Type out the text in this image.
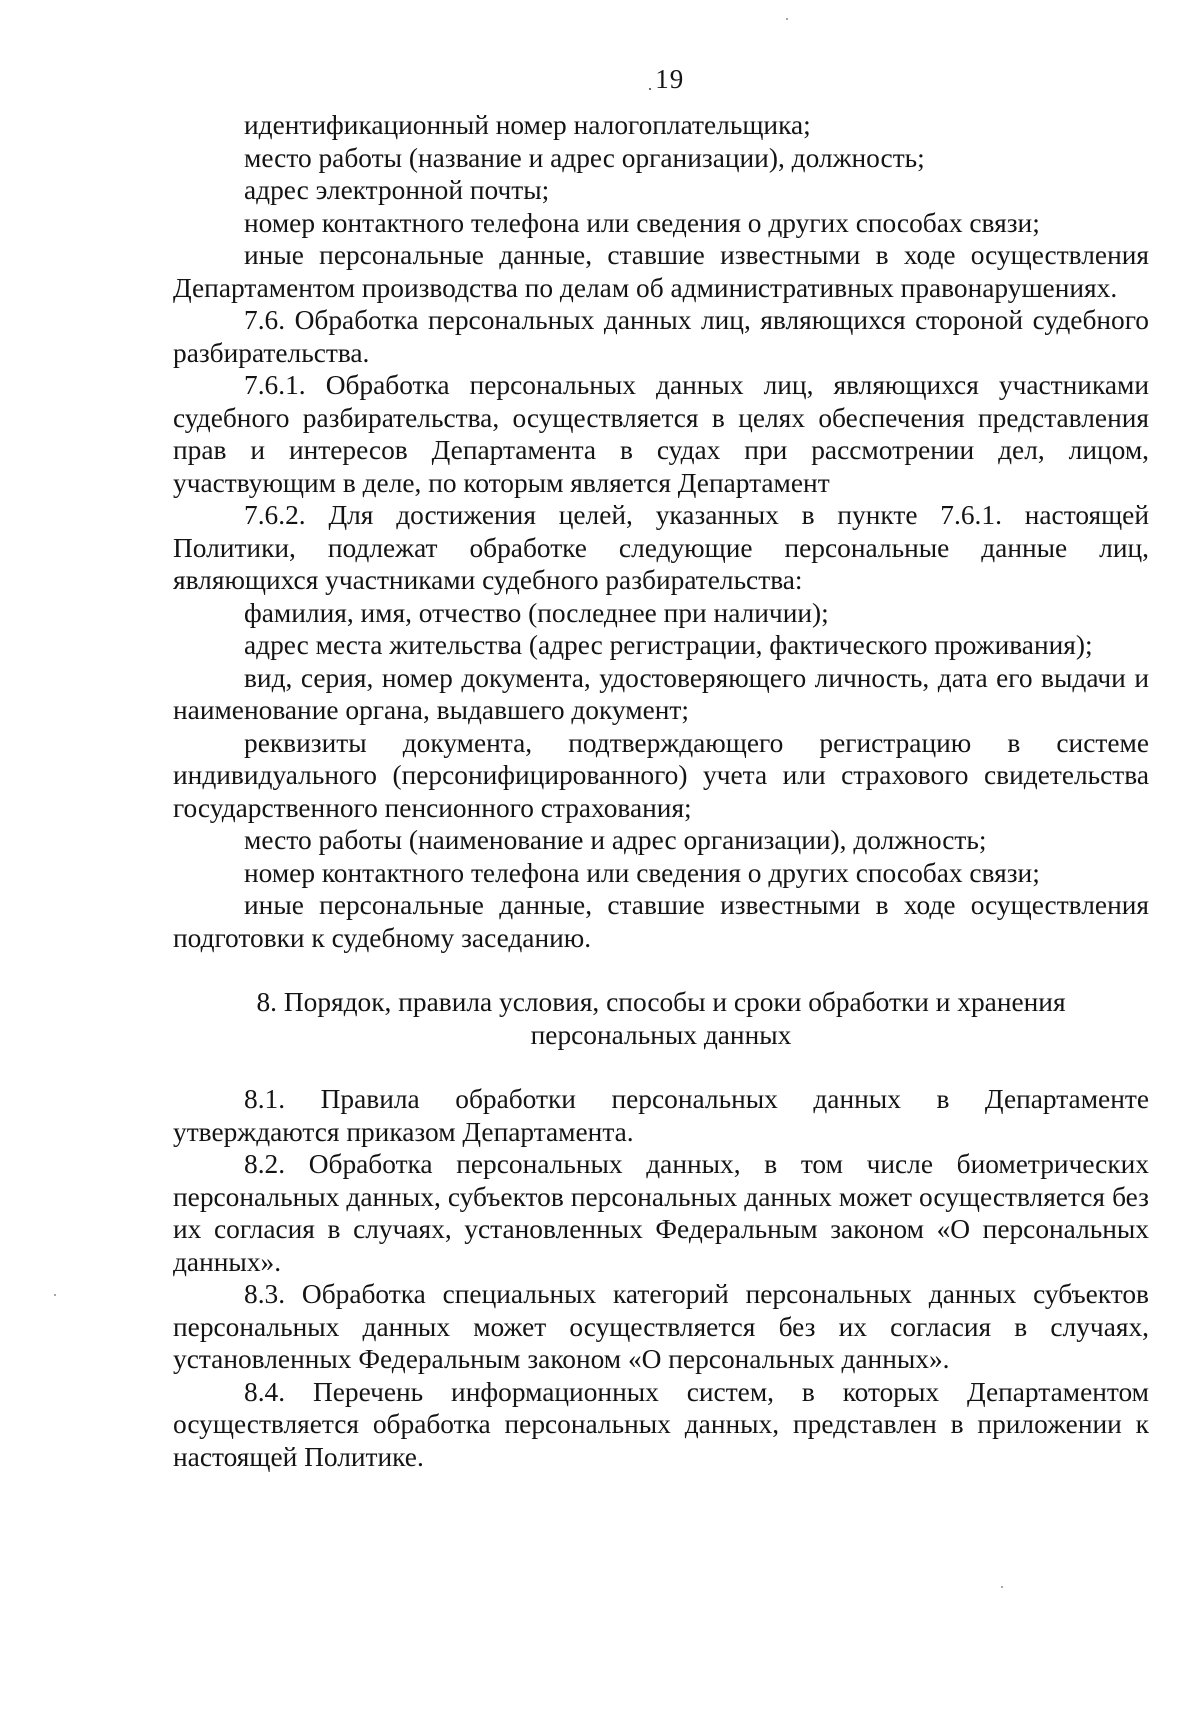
. 19

идентификационный номер налогоплательщика;

место работы (название и адрес организации), должность;

адрес электронной почты;

номер контактного телефона или сведения о других способах связи;

иные персональные данные, ставшие известными в ходе осуществления Департаментом производства по делам об административных правонарушениях.

7.6. Обработка персональных данных лиц, являющихся стороной судебного разбирательства.

7.6.1. Обработка персональных данных лиц, являющихся участниками судебного разбирательства, осуществляется в целях обеспечения представления прав и интересов Департамента в судах при рассмотрении дел, лицом, участвующим в деле, по которым является Департамент

7.6.2. Для достижения целей, указанных в пункте 7.6.1. настоящей Политики, подлежат обработке следующие персональные данные лиц, являющихся участниками судебного разбирательства:

фамилия, имя, отчество (последнее при наличии);

адрес места жительства (адрес регистрации, фактического проживания);

вид, серия, номер документа, удостоверяющего личность, дата его выдачи и наименование органа, выдавшего документ;

реквизиты документа, подтверждающего регистрацию в системе индивидуального (персонифицированного) учета или страхового свидетельства государственного пенсионного страхования;

место работы (наименование и адрес организации), должность;

номер контактного телефона или сведения о других способах связи;

иные персональные данные, ставшие известными в ходе осуществления подготовки к судебному заседанию.

8. Порядок, правила условия, способы и сроки обработки и хранения
персональных данных

8.1. Правила обработки персональных данных в Департаменте утверждаются приказом Департамента.

8.2. Обработка персональных данных, в том числе биометрических персональных данных, субъектов персональных данных может осуществляется без их согласия в случаях, установленных Федеральным законом «О персональных данных».

8.3. Обработка специальных категорий персональных данных субъектов персональных данных может осуществляется без их согласия в случаях, установленных Федеральным законом «О персональных данных».

8.4. Перечень информационных систем, в которых Департаментом осуществляется обработка персональных данных, представлен в приложении к настоящей Политике.
